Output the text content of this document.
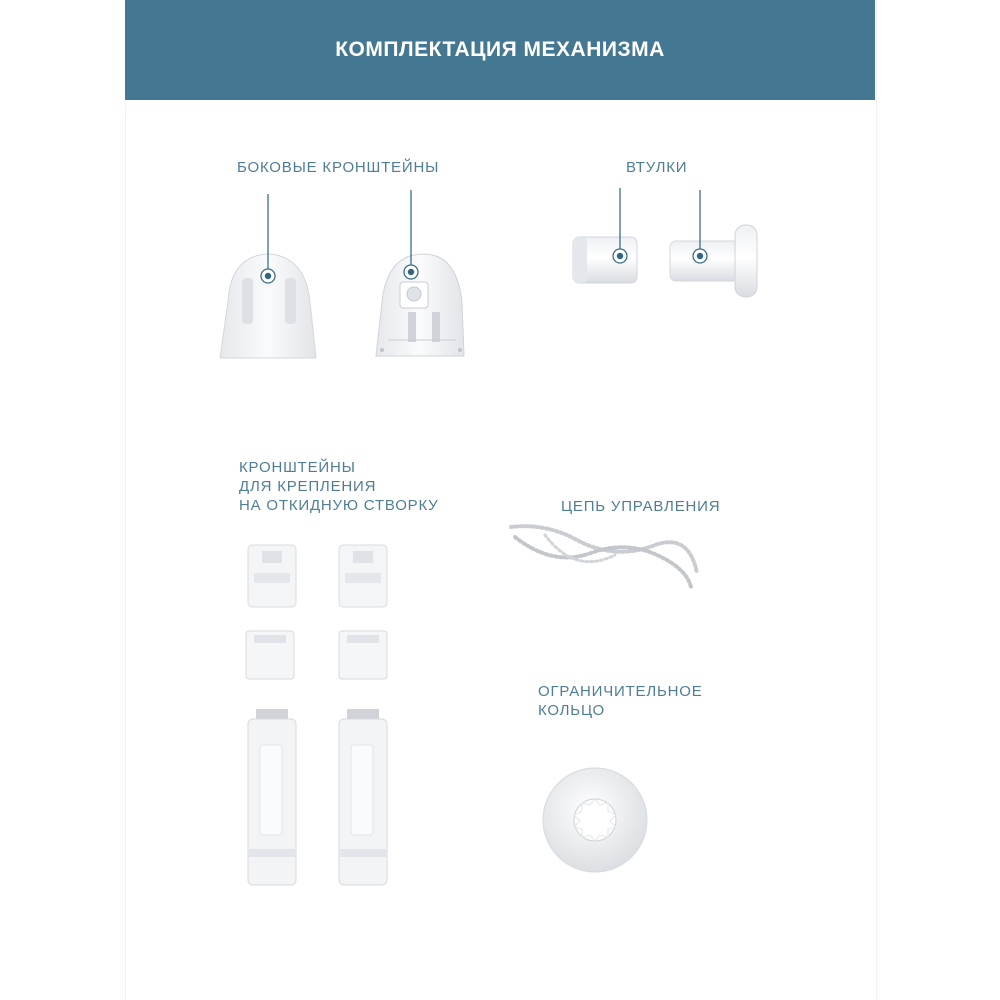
КОМПЛЕКТАЦИЯ МЕХАНИЗМА

БОКОВЫЕ КРОНШТЕЙНЫ	ВТУЛКИ

КРОНШТЕЙНЫ
ДЛЯ КРЕПЛЕНИЯ
НА ОТКИДНУЮ СТВОРКУ	ЦЕПЬ УПРАВЛЕНИЯ

ОГРАНИЧИТЕЛЬНОЕ
КОЛЬЦО
